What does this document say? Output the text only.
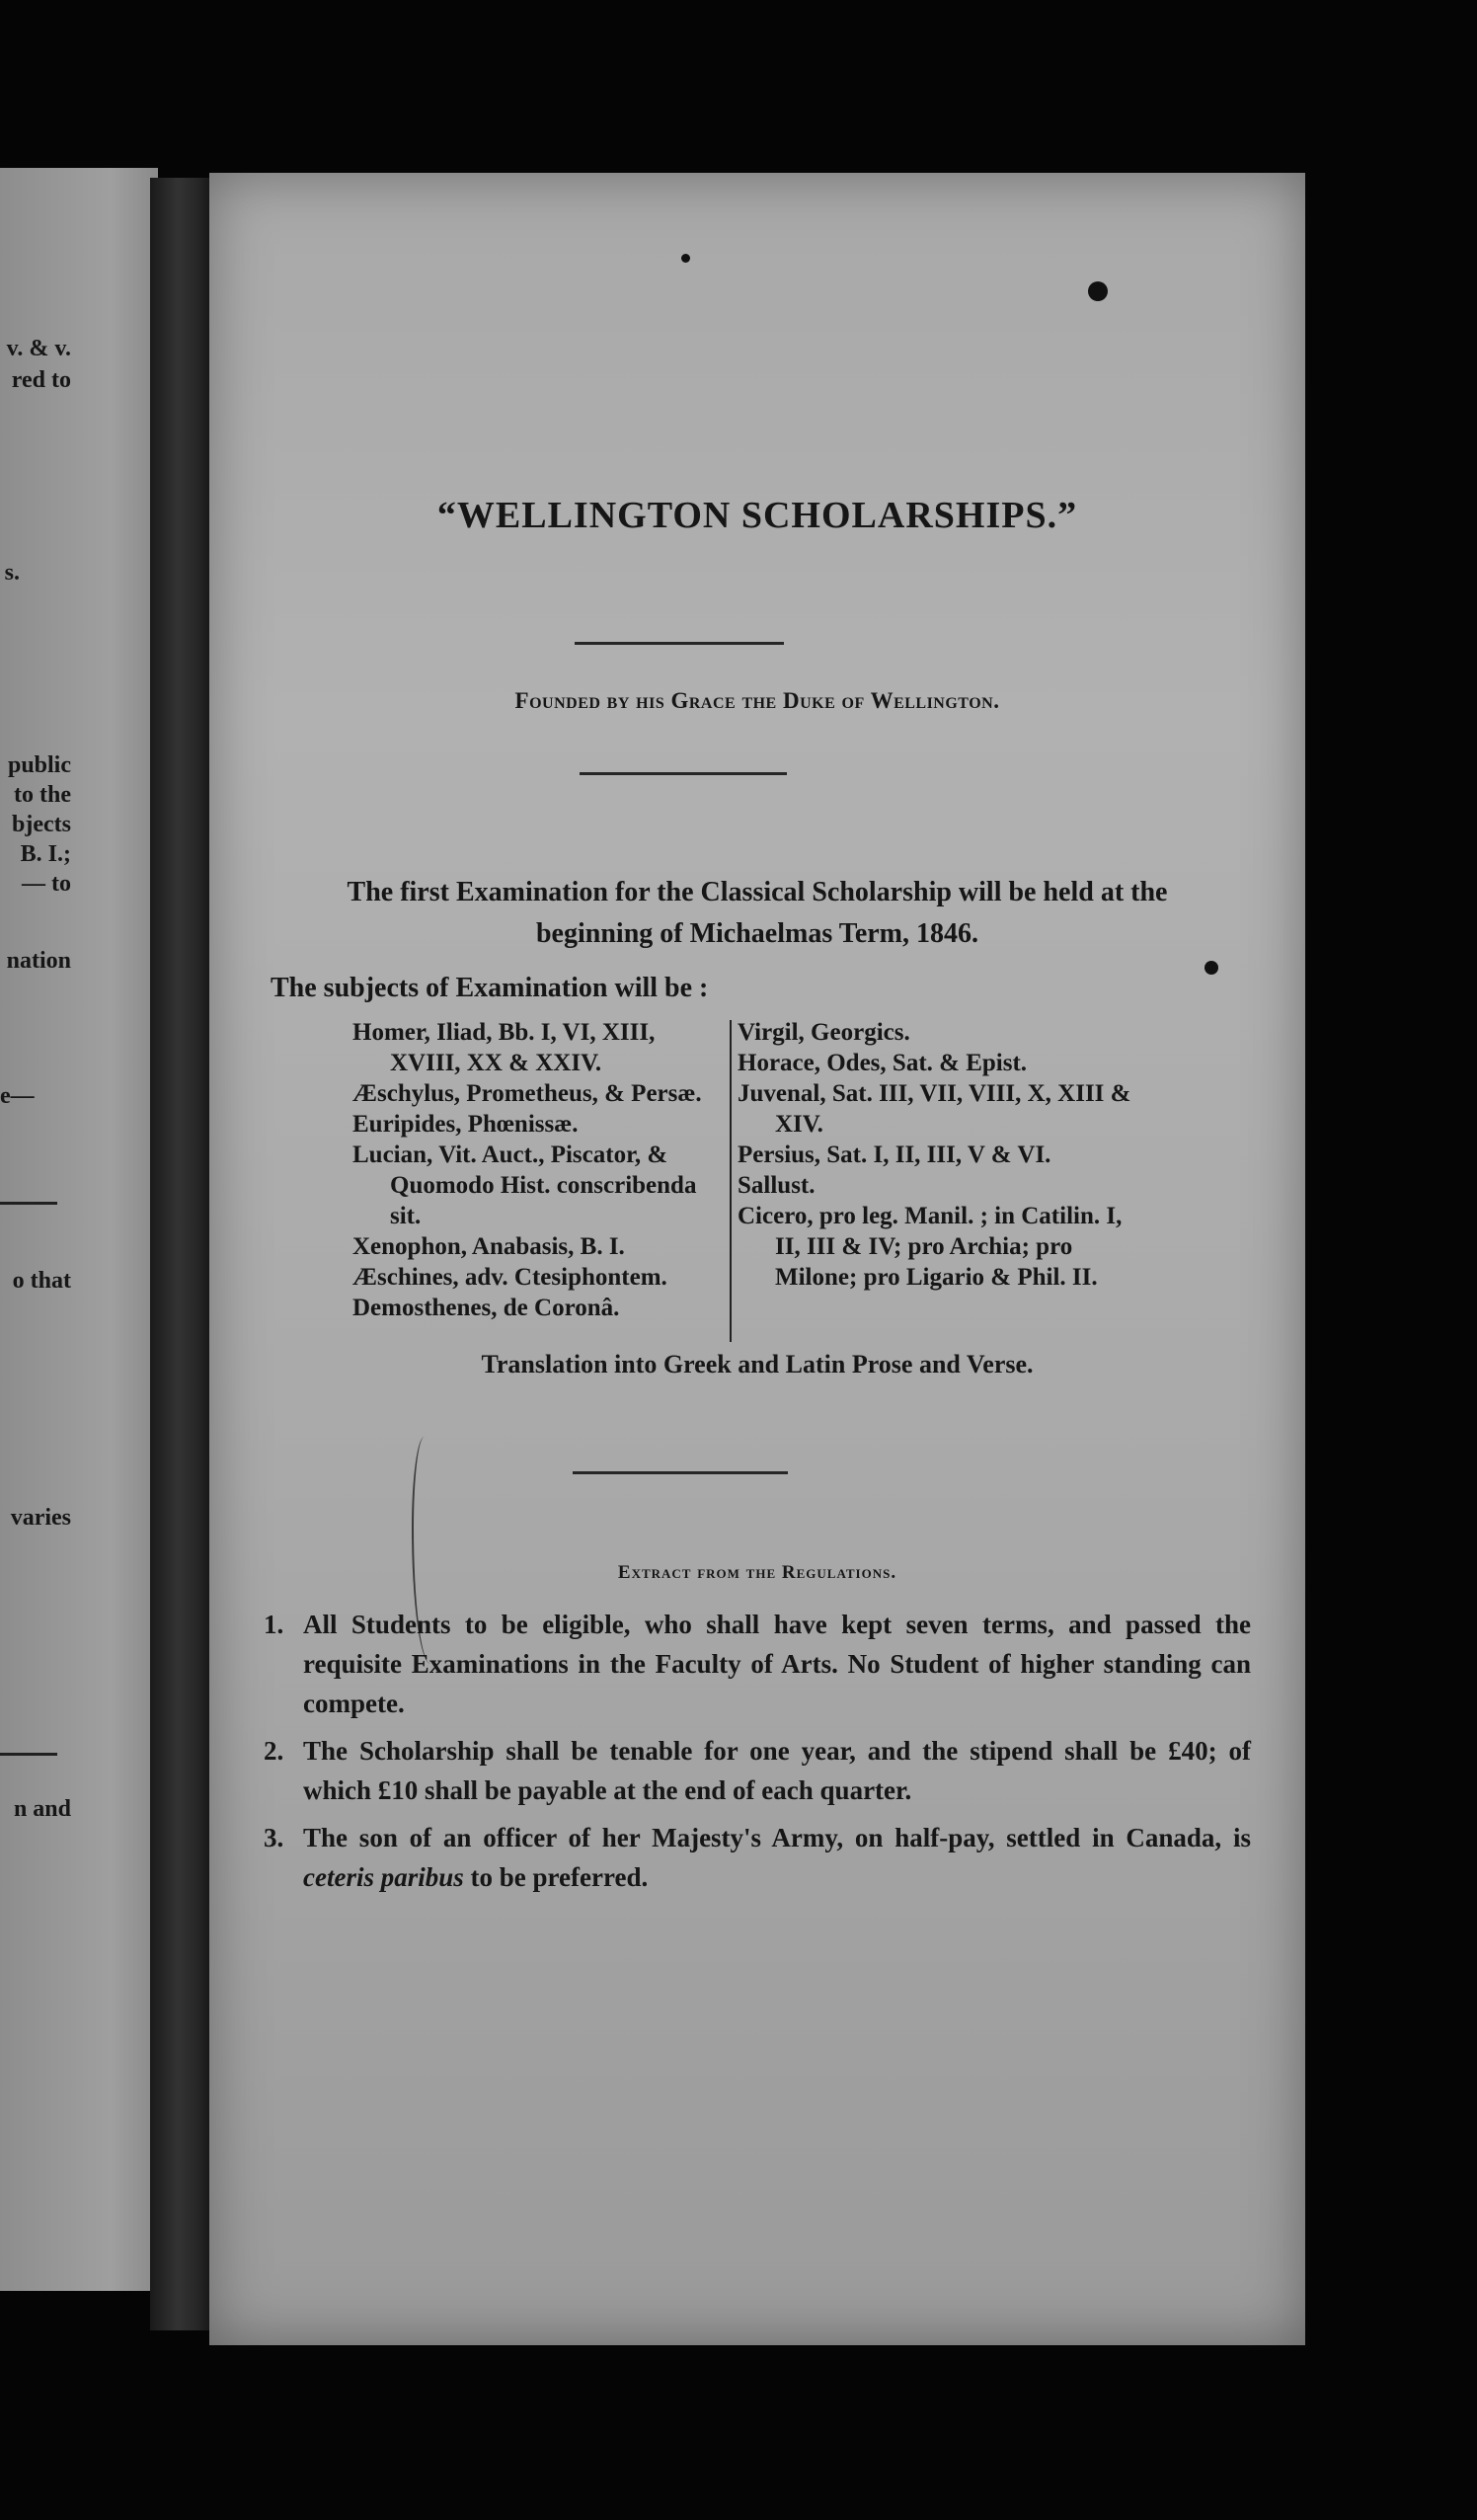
v. & v.
red to
s.
public
to the
bjects
B. I.;
— to
nation
e—
o that
varies
n and
“WELLINGTON SCHOLARSHIPS.”
Founded by his Grace the Duke of Wellington.
The first Examination for the Classical Scholarship will be held at the
beginning of Michaelmas Term, 1846.
The subjects of Examination will be :
Homer, Iliad, Bb. I, VI, XIII, XVIII, XX & XXIV.
Æschylus, Prometheus, & Persæ.
Euripides, Phœnissæ.
Lucian, Vit. Auct., Piscator, & Quomodo Hist. conscribenda sit.
Xenophon, Anabasis, B. I.
Æschines, adv. Ctesiphontem.
Demosthenes, de Coronâ.
Virgil, Georgics.
Horace, Odes, Sat. & Epist.
Juvenal, Sat. III, VII, VIII, X, XIII & XIV.
Persius, Sat. I, II, III, V & VI.
Sallust.
Cicero, pro leg. Manil. ; in Catilin. I, II, III & IV; pro Archia; pro Milone; pro Ligario & Phil. II.
Translation into Greek and Latin Prose and Verse.
Extract from the Regulations.
1. All Students to be eligible, who shall have kept seven terms, and passed the requisite Examinations in the Faculty of Arts. No Student of higher standing can compete.
2. The Scholarship shall be tenable for one year, and the stipend shall be £40; of which £10 shall be payable at the end of each quarter.
3. The son of an officer of her Majesty's Army, on half-pay, settled in Canada, is ceteris paribus to be preferred.
